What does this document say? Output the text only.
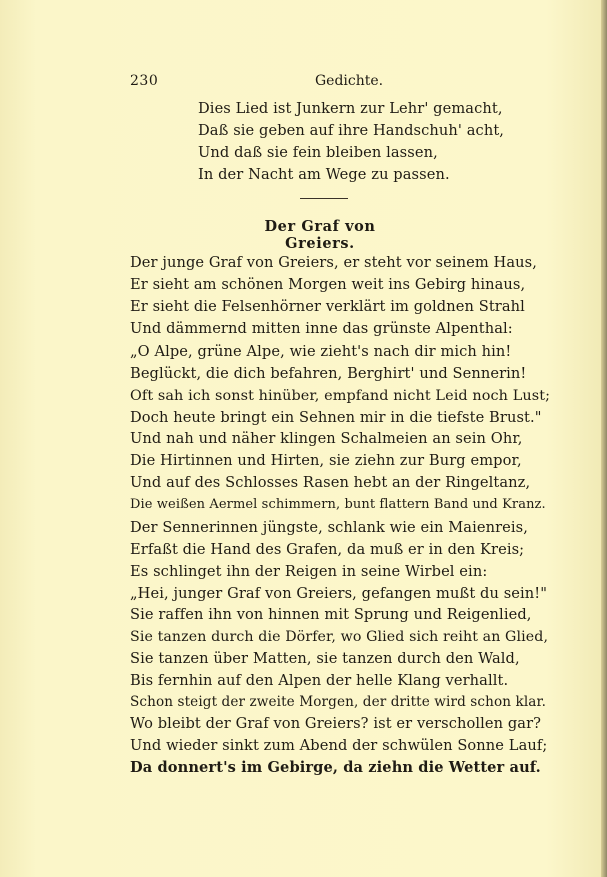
230	Gedichte.
Dies Lied ist Junkern zur Lehr' gemacht,
Daß sie geben auf ihre Handschuh' acht,
Und daß sie fein bleiben lassen,
In der Nacht am Wege zu passen.
Der Graf von Greiers.
Der junge Graf von Greiers, er steht vor seinem Haus,
Er sieht am schönen Morgen weit ins Gebirg hinaus,
Er sieht die Felsenhörner verklärt im goldnen Strahl
Und dämmernd mitten inne das grünste Alpenthal:
„O Alpe, grüne Alpe, wie zieht's nach dir mich hin!
Beglückt, die dich befahren, Berghirt' und Sennerin!
Oft sah ich sonst hinüber, empfand nicht Leid noch Lust;
Doch heute bringt ein Sehnen mir in die tiefste Brust."
Und nah und näher klingen Schalmeien an sein Ohr,
Die Hirtinnen und Hirten, sie ziehn zur Burg empor,
Und auf des Schlosses Rasen hebt an der Ringeltanz,
Die weißen Aermel schimmern, bunt flattern Band und Kranz.
Der Sennerinnen jüngste, schlank wie ein Maienreis,
Erfaßt die Hand des Grafen, da muß er in den Kreis;
Es schlinget ihn der Reigen in seine Wirbel ein:
„Hei, junger Graf von Greiers, gefangen mußt du sein!"
Sie raffen ihn von hinnen mit Sprung und Reigenlied,
Sie tanzen durch die Dörfer, wo Glied sich reiht an Glied,
Sie tanzen über Matten, sie tanzen durch den Wald,
Bis fernhin auf den Alpen der helle Klang verhallt.
Schon steigt der zweite Morgen, der dritte wird schon klar.
Wo bleibt der Graf von Greiers? ist er verschollen gar?
Und wieder sinkt zum Abend der schwülen Sonne Lauf;
Da donnert's im Gebirge, da ziehn die Wetter auf.
